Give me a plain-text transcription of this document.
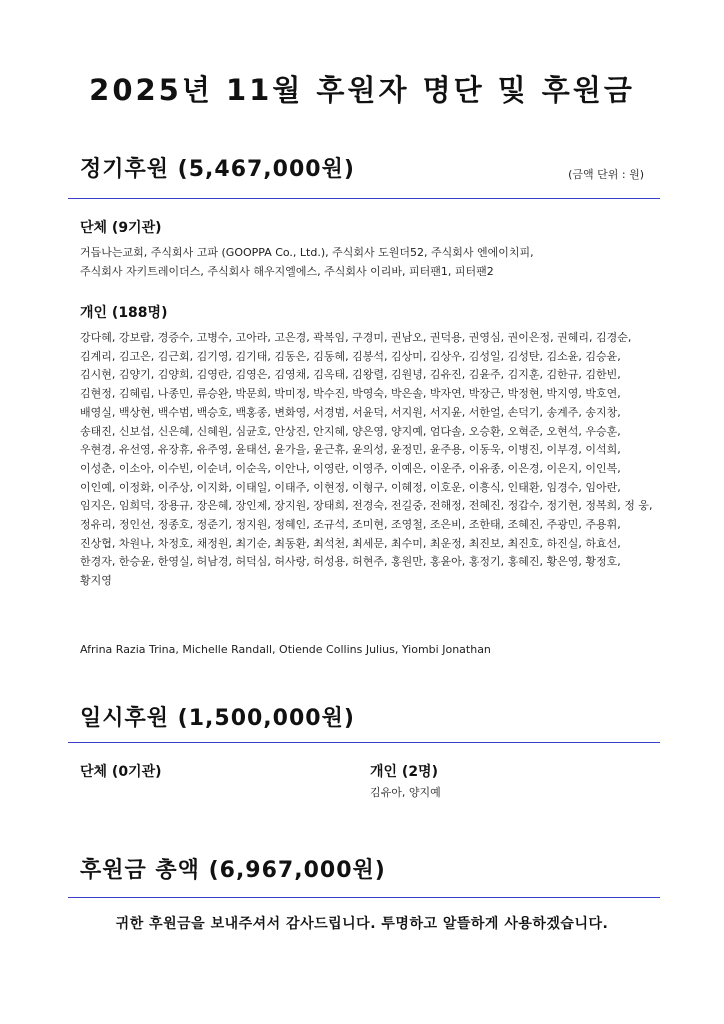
2025년 11월 후원자 명단 및 후원금
정기후원 (5,467,000원)	(금액 단위 : 원)
단체 (9기관)

거듭나는교회, 주식회사 고파 (GOOPPA Co., Ltd.), 주식회사 도원더52, 주식회사 엔에이치피,

주식회사 자키트레이더스, 주식회사 해우지엘에스, 주식회사 이리바, 피터팬1, 피터팬2

개인 (188명)

강다혜, 강보람, 경증수, 고병수, 고아라, 고은경, 곽복임, 구경미, 권남오, 권덕용, 권영심, 권이은정, 권혜리, 김경순, 김계리, 김고은, 김근회, 김기영, 김기태, 김동은, 김동혜, 김봉석, 김상미, 김상우, 김성일, 김성탄, 김소윤, 김승윤, 김시현, 김양기, 김양희, 김영란, 김영은, 김영채, 김옥태, 김왕렬, 김원녕, 김유진, 김윤주, 김지훈, 김한규, 김한빈, 김현정, 김혜림, 나종민, 류승완, 박문희, 박미정, 박수진, 박영숙, 박은솔, 박자연, 박장근, 박정현, 박지영, 박호연, 배영실, 백상현, 백수범, 백승호, 백홍종, 변화영, 서경범, 서윤덕, 서지원, 서지윤, 서한얼, 손덕기, 송계주, 송지창, 송태진, 신보섭, 신은혜, 신혜원, 심균호, 안상진, 안지혜, 양은영, 양지예, 엄다솔, 오승환, 오혁준, 오현석, 우승훈, 우현경, 유선영, 유장휴, 유주영, 윤태선, 윤가을, 윤근휴, 윤의성, 윤정민, 윤주용, 이동욱, 이병진, 이부경, 이석희, 이성춘, 이소아, 이수빈, 이순녀, 이순옥, 이안나, 이영란, 이영주, 이예은, 이운주, 이유종, 이은경, 이은지, 이인복, 이인예, 이정화, 이주상, 이지화, 이태일, 이태주, 이현정, 이형구, 이혜정, 이호운, 이흥식, 인태환, 임경수, 임아란, 임지은, 임희덕, 장용규, 장은혜, 장인제, 장지원, 장태희, 전경숙, 전길중, 전해정, 전혜진, 정갑수, 정기현, 정복희, 정 웅, 정유리, 정인선, 정종호, 정준기, 정지원, 정혜인, 조규석, 조미현, 조영철, 조은비, 조한태, 조혜진, 주광민, 주용휘, 진상협, 차원나, 차정호, 채정원, 최기순, 최동환, 최석천, 최세문, 최수미, 최운정, 최진보, 최진호, 하진실, 하효선, 한경자, 한승윤, 한영실, 허남경, 허덕심, 허사랑, 허성용, 허현주, 홍원만, 홍윤아, 홍정기, 홍혜진, 황은영, 황정호, 황지영

Afrina Razia Trina, Michelle Randall, Otiende Collins Julius, Yiombi Jonathan

일시후원 (1,500,000원)
단체 (0기관)	개인 (2명)

김유아, 양지예

후원금 총액 (6,967,000원)

귀한 후원금을 보내주셔서 감사드립니다. 투명하고 알뜰하게 사용하겠습니다.
